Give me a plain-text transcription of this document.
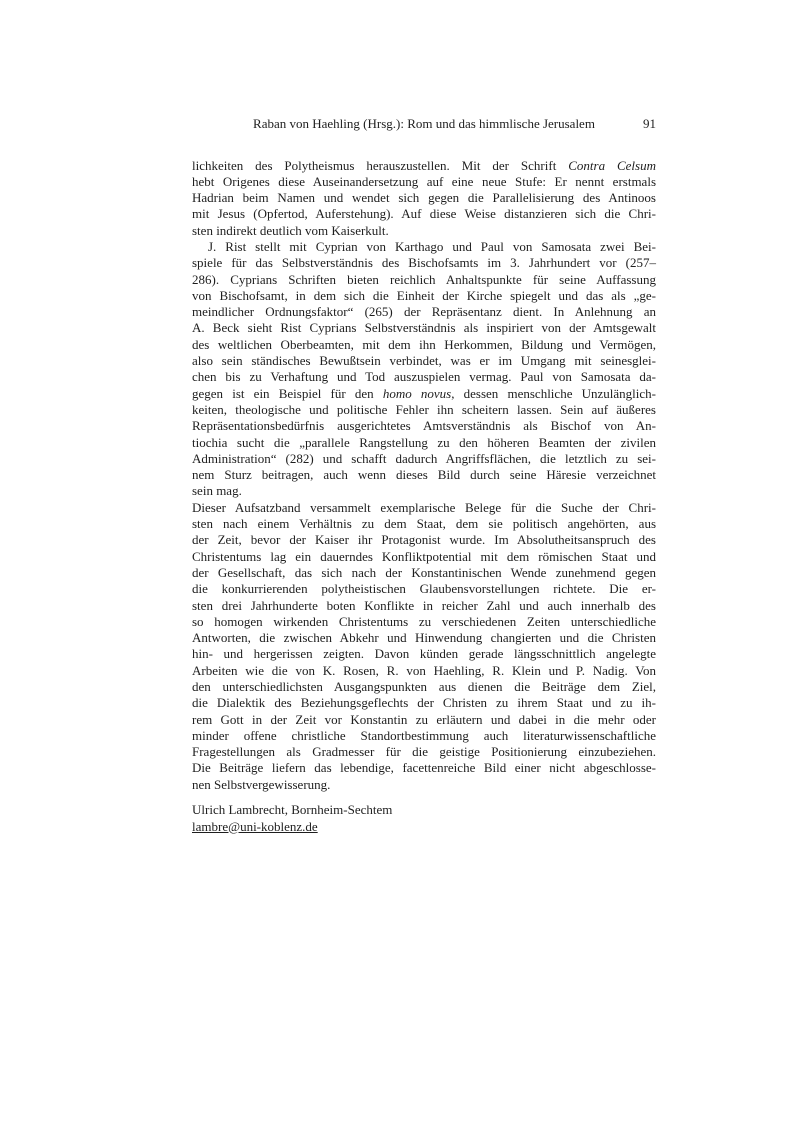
Raban von Haehling (Hrsg.): Rom und das himmlische Jerusalem	91
lichkeiten des Polytheismus herauszustellen. Mit der Schrift Contra Celsum
hebt Origenes diese Auseinandersetzung auf eine neue Stufe: Er nennt erstmals
Hadrian beim Namen und wendet sich gegen die Parallelisierung des Antinoos
mit Jesus (Opfertod, Auferstehung). Auf diese Weise distanzieren sich die Chri-
sten indirekt deutlich vom Kaiserkult.
J. Rist stellt mit Cyprian von Karthago und Paul von Samosata zwei Bei-
spiele für das Selbstverständnis des Bischofsamts im 3. Jahrhundert vor (257–
286). Cyprians Schriften bieten reichlich Anhaltspunkte für seine Auffassung
von Bischofsamt, in dem sich die Einheit der Kirche spiegelt und das als „ge-
meindlicher Ordnungsfaktor“ (265) der Repräsentanz dient. In Anlehnung an
A. Beck sieht Rist Cyprians Selbstverständnis als inspiriert von der Amtsgewalt
des weltlichen Oberbeamten, mit dem ihn Herkommen, Bildung und Vermögen,
also sein ständisches Bewußtsein verbindet, was er im Umgang mit seinesglei-
chen bis zu Verhaftung und Tod auszuspielen vermag. Paul von Samosata da-
gegen ist ein Beispiel für den homo novus, dessen menschliche Unzulänglich-
keiten, theologische und politische Fehler ihn scheitern lassen. Sein auf äußeres
Repräsentationsbedürfnis ausgerichtetes Amtsverständnis als Bischof von An-
tiochia sucht die „parallele Rangstellung zu den höheren Beamten der zivilen
Administration“ (282) und schafft dadurch Angriffsflächen, die letztlich zu sei-
nem Sturz beitragen, auch wenn dieses Bild durch seine Häresie verzeichnet
sein mag.
Dieser Aufsatzband versammelt exemplarische Belege für die Suche der Chri-
sten nach einem Verhältnis zu dem Staat, dem sie politisch angehörten, aus
der Zeit, bevor der Kaiser ihr Protagonist wurde. Im Absolutheitsanspruch des
Christentums lag ein dauerndes Konfliktpotential mit dem römischen Staat und
der Gesellschaft, das sich nach der Konstantinischen Wende zunehmend gegen
die konkurrierenden polytheistischen Glaubensvorstellungen richtete. Die er-
sten drei Jahrhunderte boten Konflikte in reicher Zahl und auch innerhalb des
so homogen wirkenden Christentums zu verschiedenen Zeiten unterschiedliche
Antworten, die zwischen Abkehr und Hinwendung changierten und die Christen
hin- und hergerissen zeigten. Davon künden gerade längsschnittlich angelegte
Arbeiten wie die von K. Rosen, R. von Haehling, R. Klein und P. Nadig. Von
den unterschiedlichsten Ausgangspunkten aus dienen die Beiträge dem Ziel,
die Dialektik des Beziehungsgeflechts der Christen zu ihrem Staat und zu ih-
rem Gott in der Zeit vor Konstantin zu erläutern und dabei in die mehr oder
minder offene christliche Standortbestimmung auch literaturwissenschaftliche
Fragestellungen als Gradmesser für die geistige Positionierung einzubeziehen.
Die Beiträge liefern das lebendige, facettenreiche Bild einer nicht abgeschlosse-
nen Selbstvergewisserung.
Ulrich Lambrecht, Bornheim-Sechtem
lambre@uni-koblenz.de
